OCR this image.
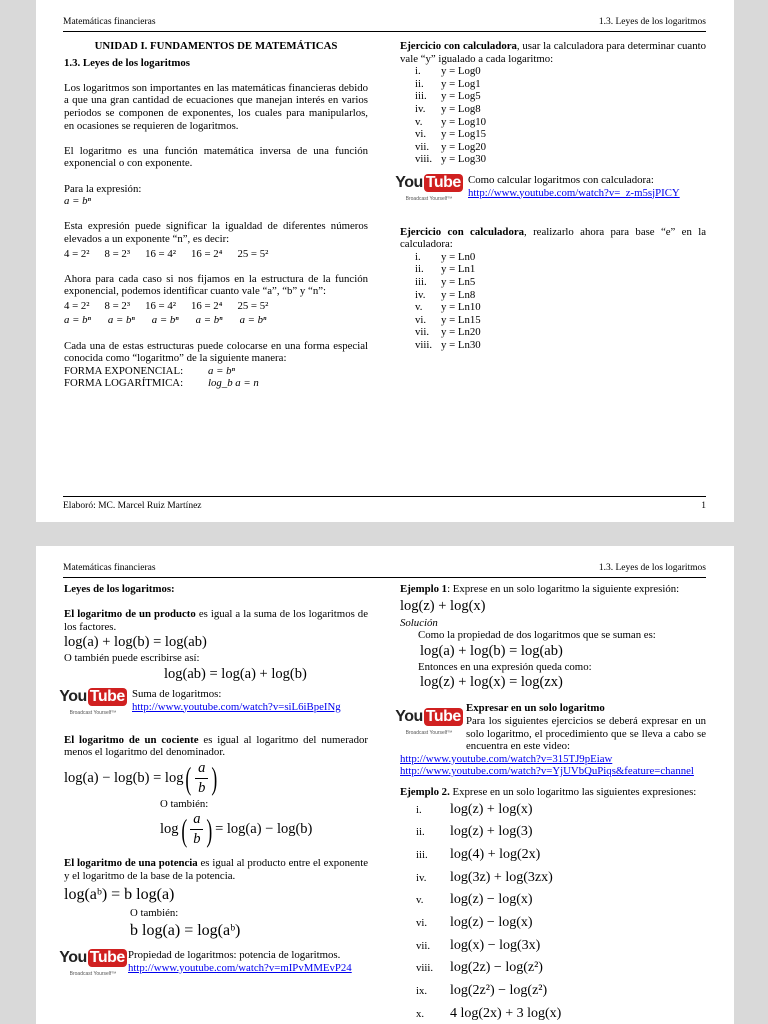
Matemáticas financieras	1.3. Leyes de los logaritmos

UNIDAD I. FUNDAMENTOS DE MATEMÁTICAS

1.3. Leyes de los logaritmos

Los logaritmos son importantes en las matemáticas financieras debido a que una gran cantidad de ecuaciones que manejan interés en varios periodos se componen de exponentes, los cuales para manipularlos, en ocasiones se requieren de logaritmos.

El logaritmo es una función matemática inversa de una función exponencial o con exponente.

Para la expresión:

a = bⁿ

Esta expresión puede significar la igualdad de diferentes números elevados a un exponente “n”, es decir:

4 = 2² 8 = 2³ 16 = 4² 16 = 2⁴ 25 = 5²

Ahora para cada caso si nos fijamos en la estructura de la función exponencial, podemos identificar cuanto vale “a”, “b” y “n”:

4 = 2² 8 = 2³ 16 = 4² 16 = 2⁴ 25 = 5²
a = bⁿ a = bⁿ a = bⁿ a = bⁿ a = bⁿ

Cada una de estas estructuras puede colocarse en una forma especial conocida como “logaritmo” de la siguiente manera:

FORMA EXPONENCIAL:	a = bⁿ
FORMA LOGARÍTMICA:	log_b a = n

Ejercicio con calculadora, usar la calculadora para determinar cuanto vale “y” igualado a cada logaritmo:

i.	y = Log0
ii.	y = Log1
iii.	y = Log5
iv.	y = Log8
v.	y = Log10
vi.	y = Log15
vii.	y = Log20
viii. y = Log30
You Tube
Broadcast Yourself™

Como calcular logaritmos con calculadora:

http://www.youtube.com/watch?v=_z-m5sjPICY

Ejercicio con calculadora, realizarlo ahora para base “e” en la calculadora:

i.	y = Ln0
ii.	y = Ln1
iii.	y = Ln5
iv.	y = Ln8
v.	y = Ln10
vi.	y = Ln15
vii.	y = Ln20
viii. y = Ln30
Elaboró: MC. Marcel Ruiz Martínez	1
Matemáticas financieras	1.3. Leyes de los logaritmos

Leyes de los logaritmos:

El logaritmo de un producto es igual a la suma de los logaritmos de los factores.

log(a) + log(b) = log(ab)

O también puede escribirse así:

log(ab) = log(a) + log(b)

You Tube
Broadcast Yourself™

Suma de logaritmos:

http://www.youtube.com/watch?v=siL6iBpeINg

El logaritmo de un cociente es igual al logaritmo del numerador menos el logaritmo del denominador.

log(a) − log(b) = log ( $\frac{a}{b}$ )

O también:

log ( $\frac{a}{b}$ ) = log(a) − log(b)

El logaritmo de una potencia es igual al producto entre el exponente y el logaritmo de la base de la potencia.

log(aᵇ) = b log(a)

O también:

b log(a) = log(aᵇ)

You Tube
Broadcast Yourself™

Propiedad de logaritmos: potencia de logaritmos.

http://www.youtube.com/watch?v=mIPvMMEvP24

Ejemplo 1: Exprese en un solo logaritmo la siguiente expresión:

log(z) + log(x)

Solución

Como la propiedad de dos logaritmos que se suman es:

log(a) + log(b) = log(ab)

Entonces en una expresión queda como:

log(z) + log(x) = log(zx)

You Tube
Broadcast Yourself™

Expresar en un solo logaritmo

Para los siguientes ejercicios se deberá expresar en un solo logaritmo, el procedimiento que se lleva a cabo se encuentra en este video:

http://www.youtube.com/watch?v=315TJ9pEiaw

http://www.youtube.com/watch?v=YjUVbQuPiqs&feature=channel

Ejemplo 2. Exprese en un solo logaritmo las siguientes expresiones:

i.	log(z) + log(x)
ii.	log(z) + log(3)
iii.	log(4) + log(2x)
iv.	log(3z) + log(3zx)
v.	log(z) − log(x)
vi.	log(z) − log(x)
vii.	log(x) − log(3x)
viii.	log(2z) − log(z²)
ix.	log(2z²) − log(z²)
x.	4 log(2x) + 3 log(x)
